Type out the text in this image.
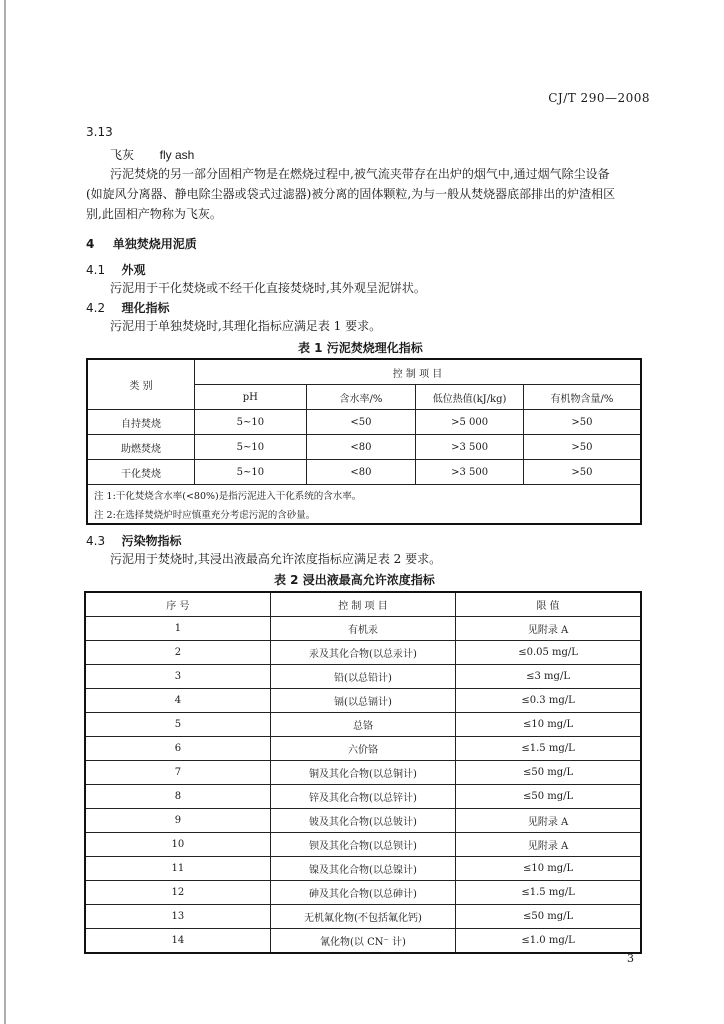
CJ/T 290—2008
3.13
飞灰 fly ash
污泥焚烧的另一部分固相产物是在燃烧过程中,被气流夹带存在出炉的烟气中,通过烟气除尘设备
(如旋风分离器、静电除尘器或袋式过滤器)被分离的固体颗粒,为与一般从焚烧器底部排出的炉渣相区
别,此固相产物称为飞灰。
4 单独焚烧用泥质
4.1 外观
污泥用于干化焚烧或不经干化直接焚烧时,其外观呈泥饼状。
4.2 理化指标
污泥用于单独焚烧时,其理化指标应满足表 1 要求。
表 1 污泥焚烧理化指标
类 别	控 制 项 目			
	pH	含水率/%	低位热值(kJ/kg)	有机物含量/%
自持焚烧	5~10	<50	>5 000	>50
助燃焚烧	5~10	<80	>3 500	>50
干化焚烧	5~10	<80	>3 500	>50
注 1:干化焚烧含水率(<80%)是指污泥进入干化系统的含水率。				
注 2:在选择焚烧炉时应慎重充分考虑污泥的含砂量。				
4.3 污染物指标
污泥用于焚烧时,其浸出液最高允许浓度指标应满足表 2 要求。
表 2 浸出液最高允许浓度指标
序 号	控 制 项 目	限 值
1	有机汞	见附录 A
2	汞及其化合物(以总汞计)	≤0.05 mg/L
3	铅(以总铅计)	≤3 mg/L
4	镉(以总镉计)	≤0.3 mg/L
5	总铬	≤10 mg/L
6	六价铬	≤1.5 mg/L
7	铜及其化合物(以总铜计)	≤50 mg/L
8	锌及其化合物(以总锌计)	≤50 mg/L
9	铍及其化合物(以总铍计)	见附录 A
10	钡及其化合物(以总钡计)	见附录 A
11	镍及其化合物(以总镍计)	≤10 mg/L
12	砷及其化合物(以总砷计)	≤1.5 mg/L
13	无机氟化物(不包括氟化钙)	≤50 mg/L
14	氰化物(以 CN⁻ 计)	≤1.0 mg/L
3
